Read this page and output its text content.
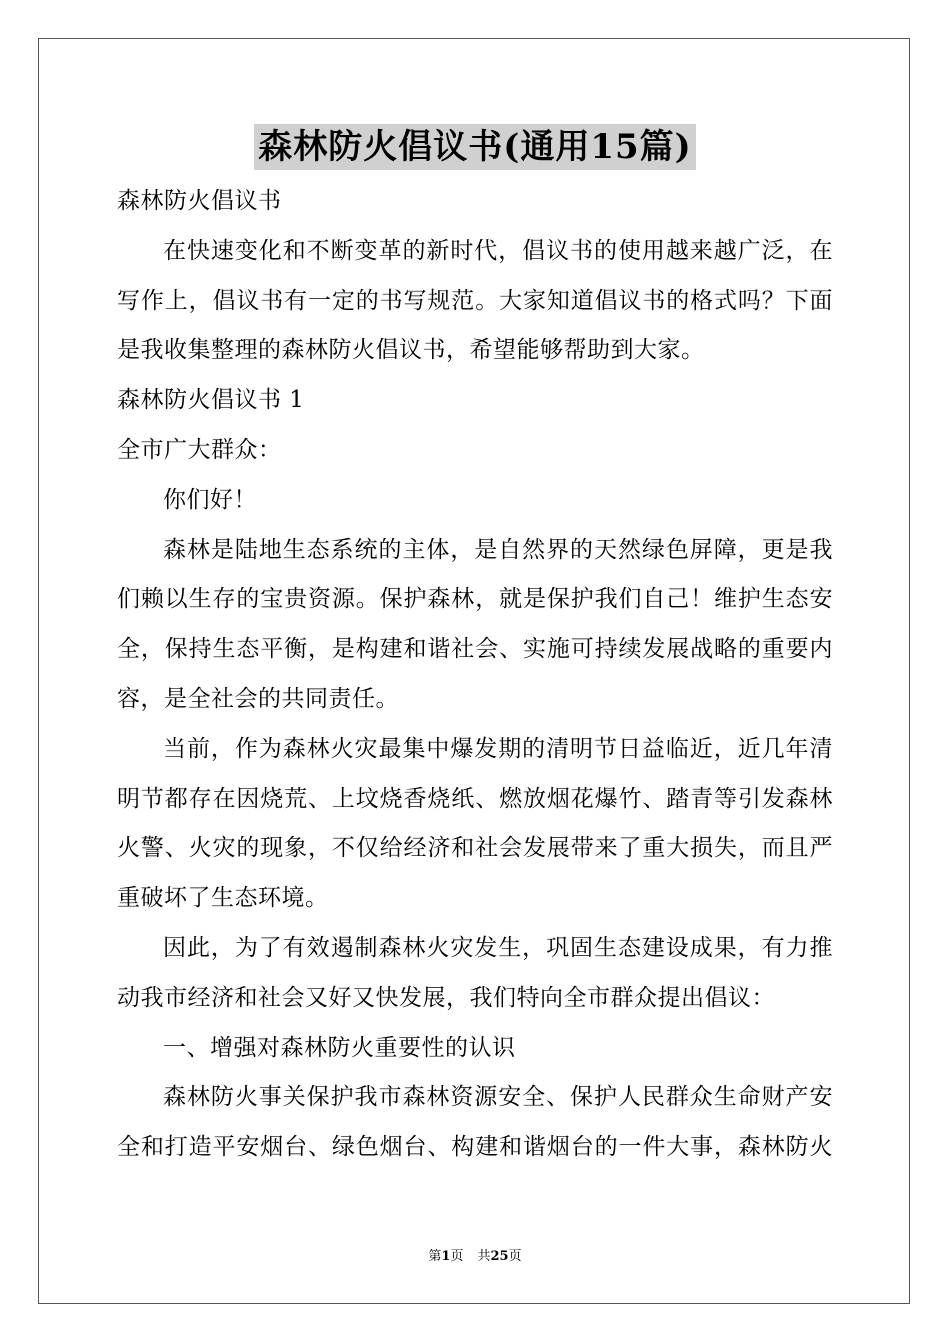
森林防火倡议书(通用15篇)
森林防火倡议书
在快速变化和不断变革的新时代，倡议书的使用越来越广泛，在
写作上，倡议书有一定的书写规范。大家知道倡议书的格式吗？下面
是我收集整理的森林防火倡议书，希望能够帮助到大家。
森林防火倡议书 1
全市广大群众：
你们好！
森林是陆地生态系统的主体，是自然界的天然绿色屏障，更是我
们赖以生存的宝贵资源。保护森林，就是保护我们自己！维护生态安
全，保持生态平衡，是构建和谐社会、实施可持续发展战略的重要内
容，是全社会的共同责任。
当前，作为森林火灾最集中爆发期的清明节日益临近，近几年清
明节都存在因烧荒、上坟烧香烧纸、燃放烟花爆竹、踏青等引发森林
火警、火灾的现象，不仅给经济和社会发展带来了重大损失，而且严
重破坏了生态环境。
因此，为了有效遏制森林火灾发生，巩固生态建设成果，有力推
动我市经济和社会又好又快发展，我们特向全市群众提出倡议：
一、增强对森林防火重要性的认识
森林防火事关保护我市森林资源安全、保护人民群众生命财产安
全和打造平安烟台、绿色烟台、构建和谐烟台的一件大事，森林防火
第1页 共25页
